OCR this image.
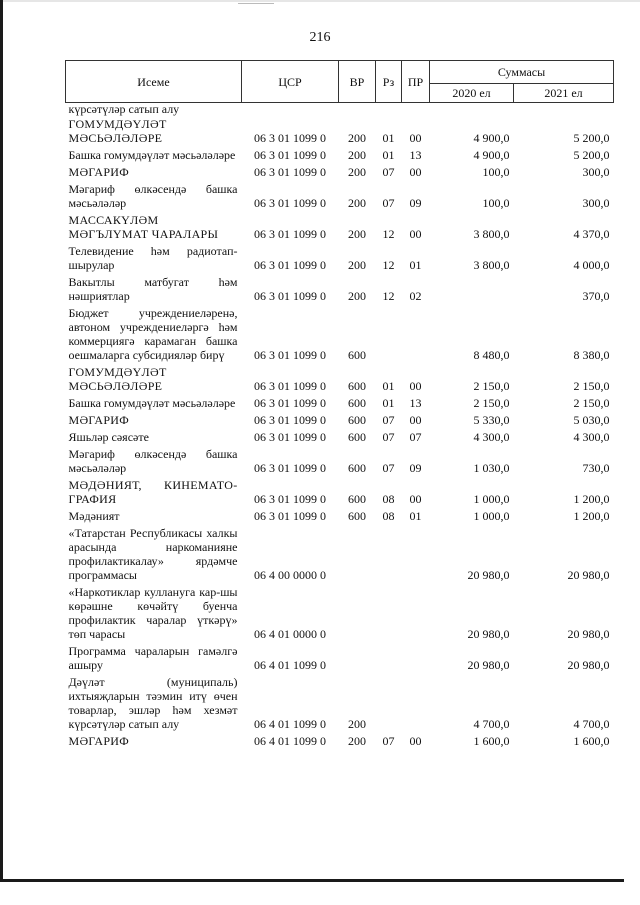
216
Исеме	ЦСР	ВР	Рз	ПР	Суммасы	
					2020 ел	2021 ел
күрсәтүләр сатып алу						
ГОМУМДӘҮЛӘТ МӘСЬӘЛӘЛӘРЕ	06 3 01 1099 0	200	01	00	4 900,0	5 200,0
Башка гомумдәүләт мәсьәләләре	06 3 01 1099 0	200	01	13	4 900,0	5 200,0
МӘГАРИФ	06 3 01 1099 0	200	07	00	100,0	300,0
Мәгариф өлкәсендә башка мәсьәләләр	06 3 01 1099 0	200	07	09	100,0	300,0
МАССАКҮЛӘМ МӘГЪЛҮМАТ ЧАРАЛАРЫ	06 3 01 1099 0	200	12	00	3 800,0	4 370,0
Телевидение һәм радиотап-шырулар	06 3 01 1099 0	200	12	01	3 800,0	4 000,0
Вакытлы матбугат һәм нәшриятлар	06 3 01 1099 0	200	12	02		370,0
Бюджет учреждениеләренә, автоном учреждениеләргә һәм коммерциягә карамаган башка оешмаларга субсидияләр бирү	06 3 01 1099 0	600			8 480,0	8 380,0
ГОМУМДӘҮЛӘТ МӘСЬӘЛӘЛӘРЕ	06 3 01 1099 0	600	01	00	2 150,0	2 150,0
Башка гомумдәүләт мәсьәләләре	06 3 01 1099 0	600	01	13	2 150,0	2 150,0
МӘГАРИФ	06 3 01 1099 0	600	07	00	5 330,0	5 030,0
Яшьләр сәясәте	06 3 01 1099 0	600	07	07	4 300,0	4 300,0
Мәгариф өлкәсендә башка мәсьәләләр	06 3 01 1099 0	600	07	09	1 030,0	730,0
МӘДӘНИЯТ, КИНЕМАТО-ГРАФИЯ	06 3 01 1099 0	600	08	00	1 000,0	1 200,0
Мәдәният	06 3 01 1099 0	600	08	01	1 000,0	1 200,0
«Татарстан Республикасы халкы арасында наркоманияне профилактикалау» ярдәмче программасы	06 4 00 0000 0				20 980,0	20 980,0
«Наркотиклар куллануга кар-шы көрәшне көчәйтү буенча профилактик чаралар үткәрү» төп чарасы	06 4 01 0000 0				20 980,0	20 980,0
Программа чараларын гамәлгә ашыру	06 4 01 1099 0				20 980,0	20 980,0
Дәүләт (муниципаль) ихтыяҗларын тәэмин итү өчен товарлар, эшләр һәм хезмәт күрсәтүләр сатып алу	06 4 01 1099 0	200			4 700,0	4 700,0
МӘГАРИФ	06 4 01 1099 0	200	07	00	1 600,0	1 600,0
